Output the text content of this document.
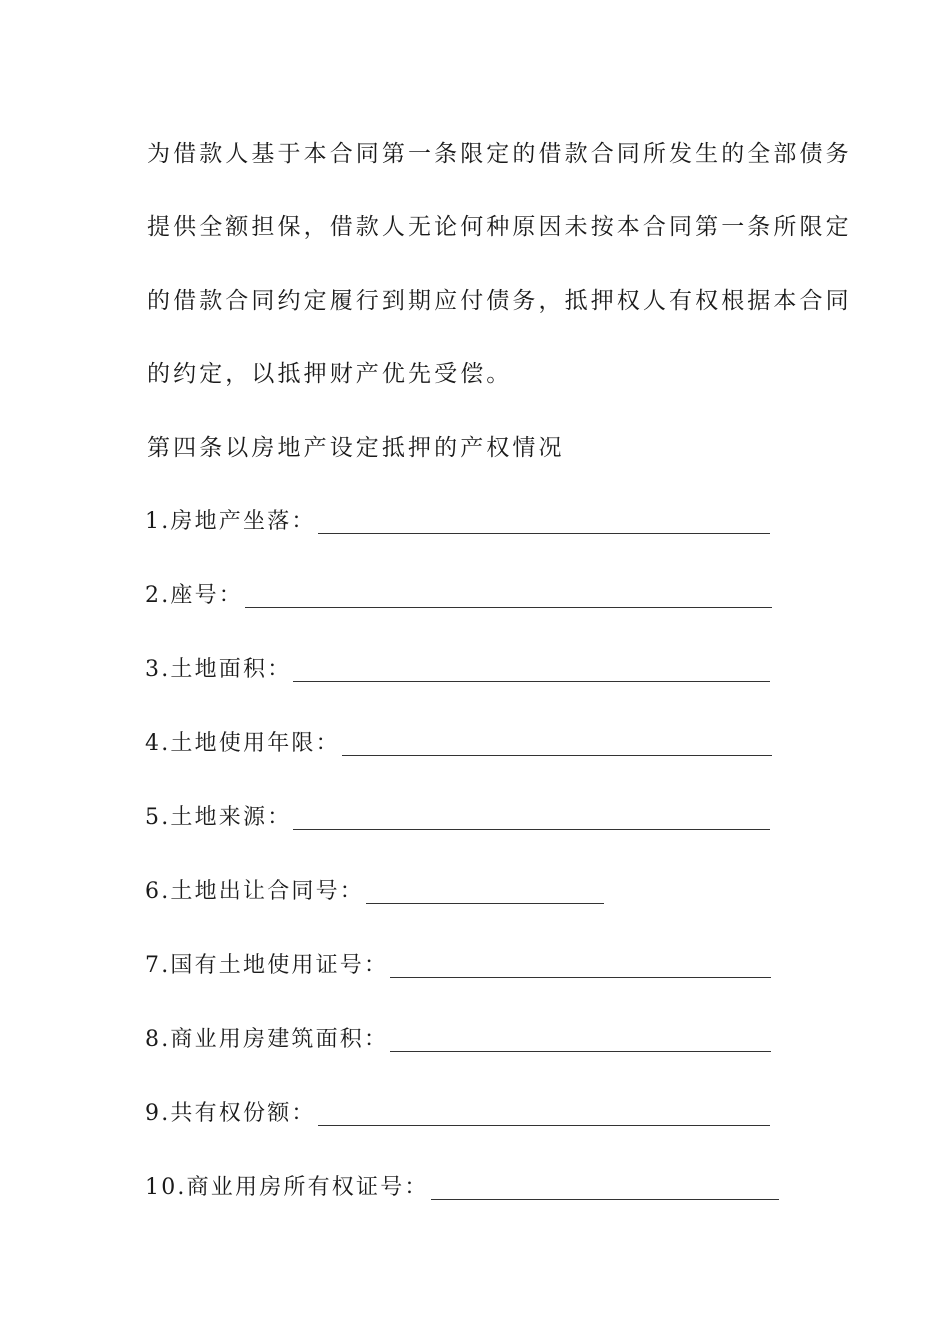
为借款人基于本合同第一条限定的借款合同所发生的全部债务
提供全额担保，借款人无论何种原因未按本合同第一条所限定
的借款合同约定履行到期应付债务，抵押权人有权根据本合同
的约定，以抵押财产优先受偿。
第四条以房地产设定抵押的产权情况
1.房地产坐落：
2.座号：
3.土地面积：
4.土地使用年限：
5.土地来源：
6.土地出让合同号：
7.国有土地使用证号：
8.商业用房建筑面积：
9.共有权份额：
10.商业用房所有权证号：
